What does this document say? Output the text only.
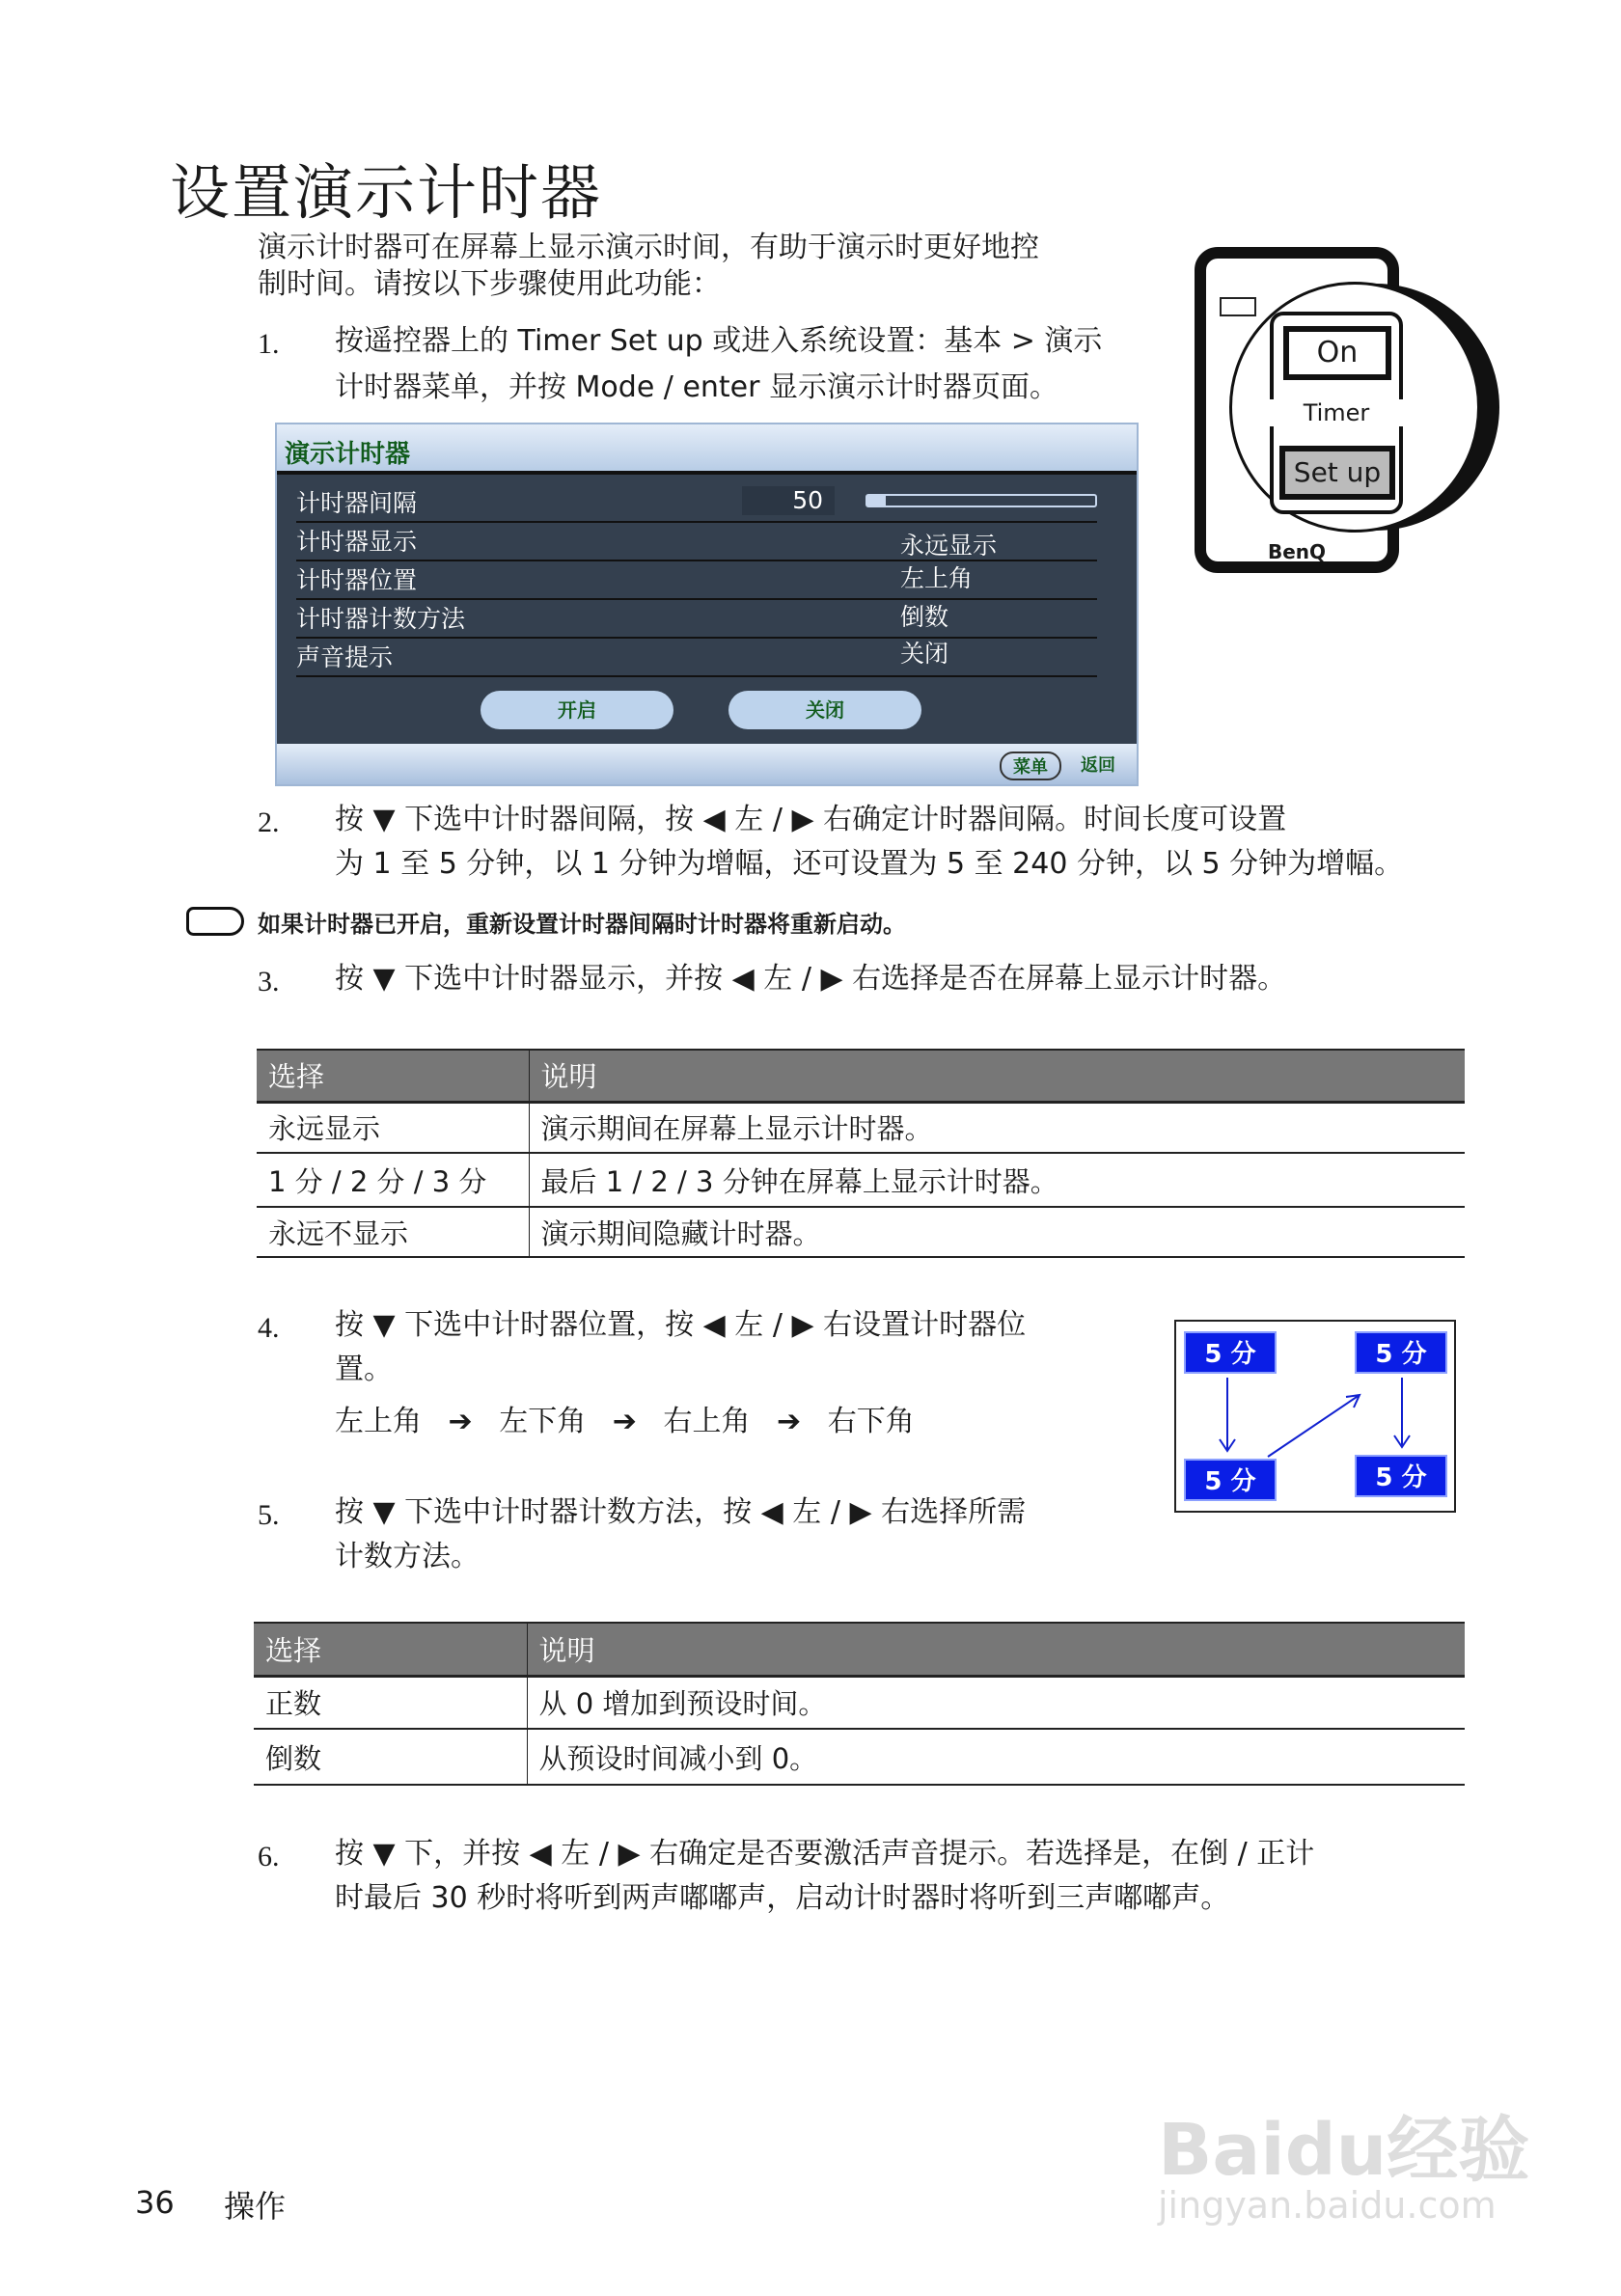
设置演示计时器
演示计时器可在屏幕上显示演示时间，有助于演示时更好地控
制时间。请按以下步骤使用此功能：
On
Timer
Set up
BenQ
1. 按遥控器上的 Timer Set up 或进入系统设置：基本 > 演示
计时器菜单，并按 Mode / enter 显示演示计时器页面。
演示计时器
计时器间隔	50
计时器显示	永远显示
计时器位置	左上角
计时器计数方法	倒数
声音提示	关闭
开启	关闭
菜单	返回
2. 按 ▼ 下选中计时器间隔，按 ◀ 左 / ▶ 右确定计时器间隔。时间长度可设置
为 1 至 5 分钟，以 1 分钟为增幅，还可设置为 5 至 240 分钟，以 5 分钟为增幅。
如果计时器已开启，重新设置计时器间隔时计时器将重新启动。
3. 按 ▼ 下选中计时器显示，并按 ◀ 左 / ▶ 右选择是否在屏幕上显示计时器。
选择	说明
永远显示	演示期间在屏幕上显示计时器。
1 分 / 2 分 / 3 分	最后 1 / 2 / 3 分钟在屏幕上显示计时器。
永远不显示	演示期间隐藏计时器。
4. 按 ▼ 下选中计时器位置，按 ◀ 左 / ▶ 右设置计时器位
置。
左上角 ➔ 左下角 ➔ 右上角 ➔ 右下角
5 分	5 分
5 分	5 分
5. 按 ▼ 下选中计时器计数方法，按 ◀ 左 / ▶ 右选择所需
计数方法。
选择	说明
正数	从 0 增加到预设时间。
倒数	从预设时间减小到 0。
6. 按 ▼ 下，并按 ◀ 左 / ▶ 右确定是否要激活声音提示。若选择是，在倒 / 正计
时最后 30 秒时将听到两声嘟嘟声，启动计时器时将听到三声嘟嘟声。
Baidu经验
jingyan.baidu.com
36 操作
